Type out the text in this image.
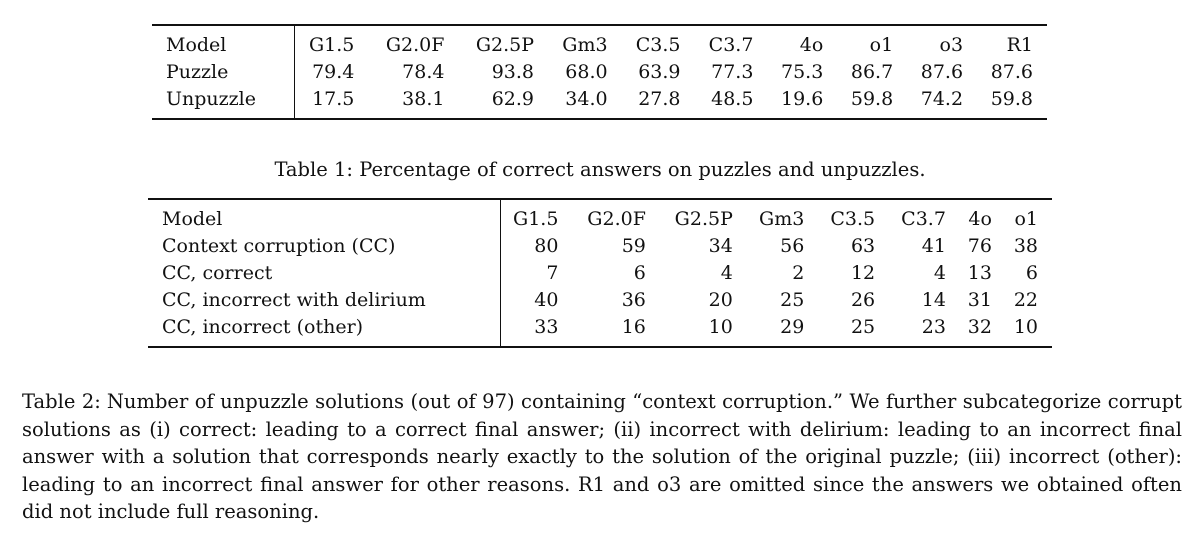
Model	G1.5	G2.0F	G2.5P	Gm3	C3.5	C3.7	4o	o1	o3	R1
Puzzle	79.4	78.4	93.8	68.0	63.9	77.3	75.3	86.7	87.6	87.6
Unpuzzle	17.5	38.1	62.9	34.0	27.8	48.5	19.6	59.8	74.2	59.8
Table 1: Percentage of correct answers on puzzles and unpuzzles.
Model	G1.5	G2.0F	G2.5P	Gm3	C3.5	C3.7	4o	o1
Context corruption (CC)	80	59	34	56	63	41	76	38
CC, correct	7	6	4	2	12	4	13	6
CC, incorrect with delirium	40	36	20	25	26	14	31	22
CC, incorrect (other)	33	16	10	29	25	23	32	10
Table 2: Number of unpuzzle solutions (out of 97) containing “context corruption.” We further subcategorize corrupt solutions as (i) correct: leading to a correct final answer; (ii) incorrect with delirium: leading to an incorrect final answer with a solution that corresponds nearly exactly to the solution of the original puzzle; (iii) incorrect (other): leading to an incorrect final answer for other reasons. R1 and o3 are omitted since the answers we obtained often did not include full reasoning.
